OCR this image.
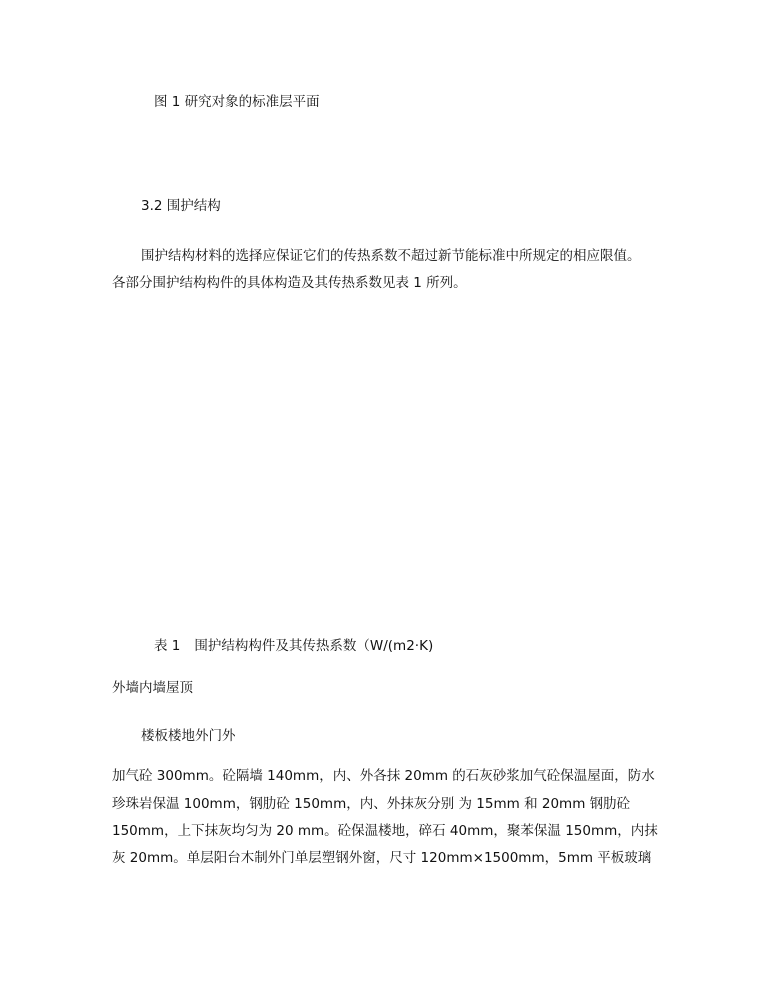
图 1 研究对象的标准层平面

3.2 围护结构

围护结构材料的选择应保证它们的传热系数不超过新节能标准中所规定的相应限值。

各部分围护结构构件的具体构造及其传热系数见表 1 所列。

表 1 围护结构构件及其传热系数（W/(m2·K)

外墙内墙屋顶

楼板楼地外门外

加气砼 300mm。砼隔墙 140mm，内、外各抹 20mm 的石灰砂浆加气砼保温屋面，防水

珍珠岩保温 100mm，钢肋砼 150mm，内、外抹灰分别 为 15mm 和 20mm 钢肋砼

150mm，上下抹灰均匀为 20 mm。砼保温楼地，碎石 40mm，聚苯保温 150mm，内抹

灰 20mm。单层阳台木制外门单层塑钢外窗，尺寸 120mm×1500mm，5mm 平板玻璃
